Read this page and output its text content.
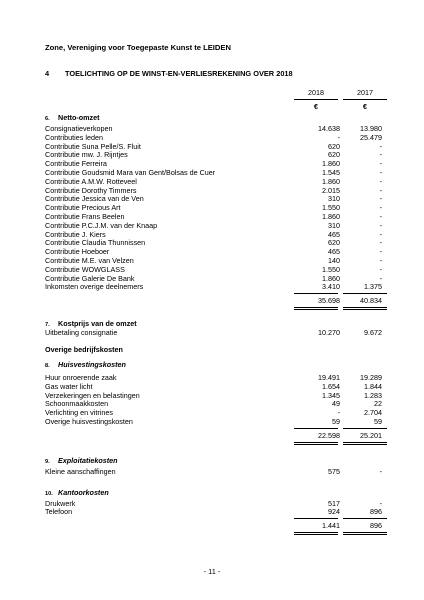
Zone, Vereniging voor Toegepaste Kunst te LEIDEN
4 TOELICHTING OP DE WINST-EN-VERLIESREKENING OVER 2018
2018	2017
€	€
6. Netto-omzet
Consignatieverkopen	14.638	13.980
Contributies leden	-	25.479
Contributie Suna Pelle/S. Fluit	620	-
Contributie mw. J. Rijntjes	620	-
Contributie Ferreira	1.860	-
Contributie Goudsmid Mara van Gent/Bolsas de Cuer	1.545	-
Contributie A.M.W. Rotteveel	1.860	-
Contributie Dorothy Timmers	2.015	-
Contributie Jessica van de Ven	310	-
Contributie Precious Art	1.550	-
Contributie Frans Beelen	1.860	-
Contributie P.C.J.M. van der Knaap	310	-
Contributie J. Kiers	465	-
Contributie Claudia Thunnissen	620	-
Contributie Hoeboer	465	-
Contributie M.E. van Velzen	140	-
Contributie WOWGLASS	1.550	-
Contributie Galerie De Bank	1.860	-
Inkomsten overige deelnemers	3.410	1.375
35.698	40.834
7. Kostprijs van de omzet
Uitbetaling consignatie	10.270	9.672
Overige bedrijfskosten
8. Huisvestingskosten
Huur onroerende zaak	19.491	19.289
Gas water licht	1.654	1.844
Verzekeringen en belastingen	1.345	1.283
Schoonmaakkosten	49	22
Verlichting en vitrines	-	2.704
Overige huisvestingskosten	59	59
22.598	25.201
9. Exploitatiekosten
Kleine aanschaffingen	575	-
10. Kantoorkosten
Drukwerk	517	-
Telefoon	924	896
1.441	896
- 11 -
